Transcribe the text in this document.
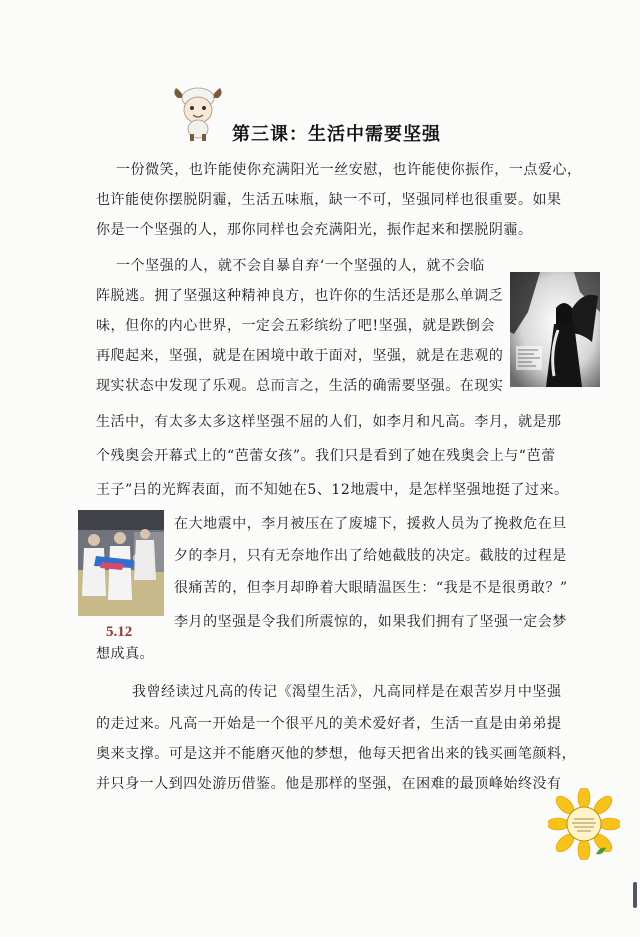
第三课：生活中需要坚强
一份微笑，也许能使你充满阳光一丝安慰，也许能使你振作，一点爱心，
也许能使你摆脱阴霾，生活五味瓶，缺一不可，坚强同样也很重要。如果
你是一个坚强的人，那你同样也会充满阳光，振作起来和摆脱阴霾。
一个坚强的人，就不会自暴自弃‘一个坚强的人，就不会临
阵脱逃。拥了坚强这种精神良方，也许你的生活还是那么单调乏
味，但你的内心世界，一定会五彩缤纷了吧!坚强，就是跌倒会
再爬起来，坚强，就是在困境中敢于面对，坚强，就是在悲观的
现实状态中发现了乐观。总而言之，生活的确需要坚强。在现实
生活中，有太多太多这样坚强不屈的人们，如李月和凡高。李月，就是那
个残奥会开幕式上的“芭蕾女孩”。我们只是看到了她在残奥会上与“芭蕾
王子”吕的光辉表面，而不知她在5、12地震中，是怎样坚强地挺了过来。
在大地震中，李月被压在了废墟下，援救人员为了挽救危在旦
夕的李月，只有无奈地作出了给她截肢的决定。截肢的过程是
很痛苦的，但李月却睁着大眼睛温医生：“我是不是很勇敢？”
李月的坚强是令我们所震惊的，如果我们拥有了坚强一定会梦
想成真。
我曾经读过凡高的传记《渴望生活》，凡高同样是在艰苦岁月中坚强
的走过来。凡高一开始是一个很平凡的美术爱好者，生活一直是由弟弟提
奥来支撑。可是这并不能磨灭他的梦想，他每天把省出来的钱买画笔颜料，
并只身一人到四处游历借鉴。他是那样的坚强，在困难的最顶峰始终没有
5.12
